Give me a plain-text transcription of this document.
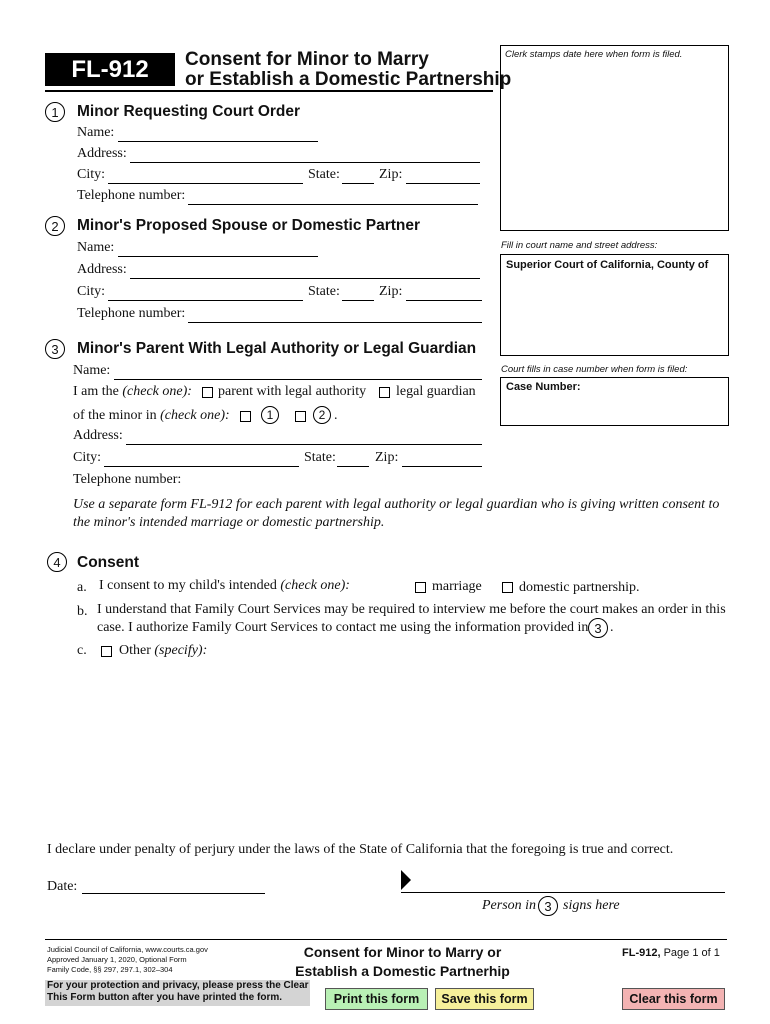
FL-912	Consent for Minor to Marry
or Establish a Domestic Partnership
Clerk stamps date here when form is filed.
Fill in court name and street address:
Superior Court of California, County of
Court fills in case number when form is filed:
Case Number:
1	Minor Requesting Court Order
Name:
Address:
City:	State:	Zip:
Telephone number:
2	Minor's Proposed Spouse or Domestic Partner
Name:
Address:
City:	State:	Zip:
Telephone number:
3	Minor's Parent With Legal Authority or Legal Guardian
Name:
I am the (check one): parent with legal authority legal guardian
of the minor in (check one):	1	2 .
Address:
City:	State:	Zip:
Telephone number:
Use a separate form FL-912 for each parent with legal authority or legal guardian who is giving written consent to
the minor's intended marriage or domestic partnership.
4	Consent
a. I consent to my child's intended (check one):	marriage	domestic partnership.
b. I understand that Family Court Services may be required to interview me before the court makes an order in this
case. I authorize Family Court Services to contact me using the information provided in 3 .
c. Other (specify):
I declare under penalty of perjury under the laws of the State of California that the foregoing is true and correct.
Date:
Person in 3 signs here
Judicial Council of California, www.courts.ca.gov
Approved January 1, 2020, Optional Form
Family Code, §§ 297, 297.1, 302–304
Consent for Minor to Marry or
Establish a Domestic Partnerhip
FL-912, Page 1 of 1
For your protection and privacy, please press the Clear
This Form button after you have printed the form.	Print this form	Save this form	Clear this form
